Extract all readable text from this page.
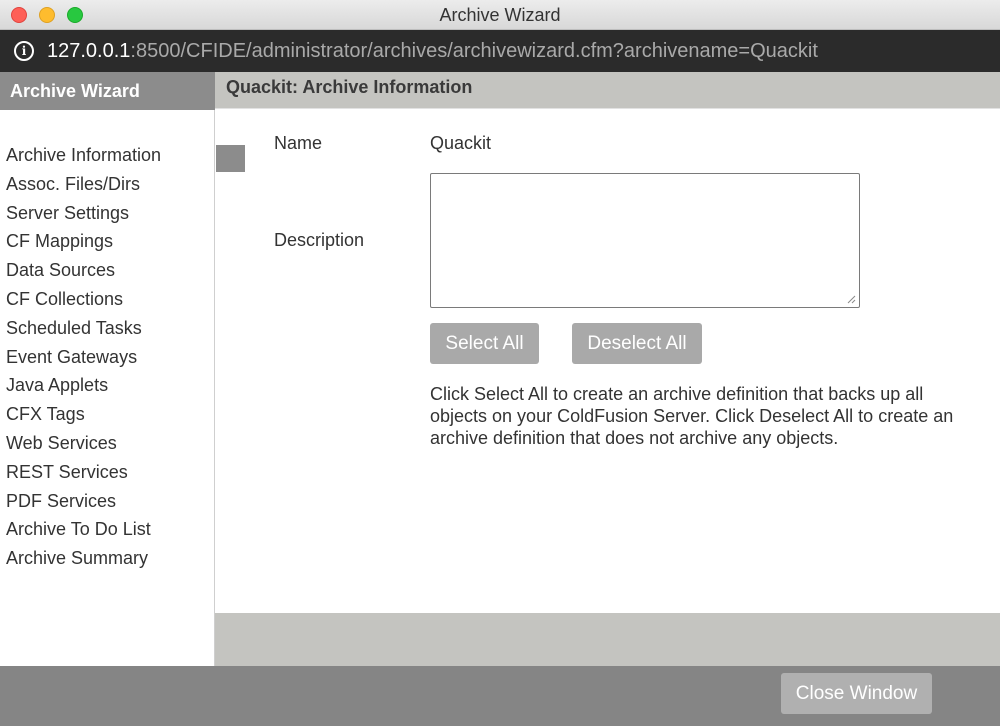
Archive Wizard
i	127.0.0.1:8500/CFIDE/administrator/archives/archivewizard.cfm?archivename=Quackit
Archive Wizard
Archive Information
Assoc. Files/Dirs
Server Settings
CF Mappings
Data Sources
CF Collections
Scheduled Tasks
Event Gateways
Java Applets
CFX Tags
Web Services
REST Services
PDF Services
Archive To Do List
Archive Summary
Quackit: Archive Information
Name	Quackit
Description
Select All	Deselect All
Click Select All to create an archive definition that backs up all objects on your ColdFusion Server. Click Deselect All to create an archive definition that does not archive any objects.
Close Window
